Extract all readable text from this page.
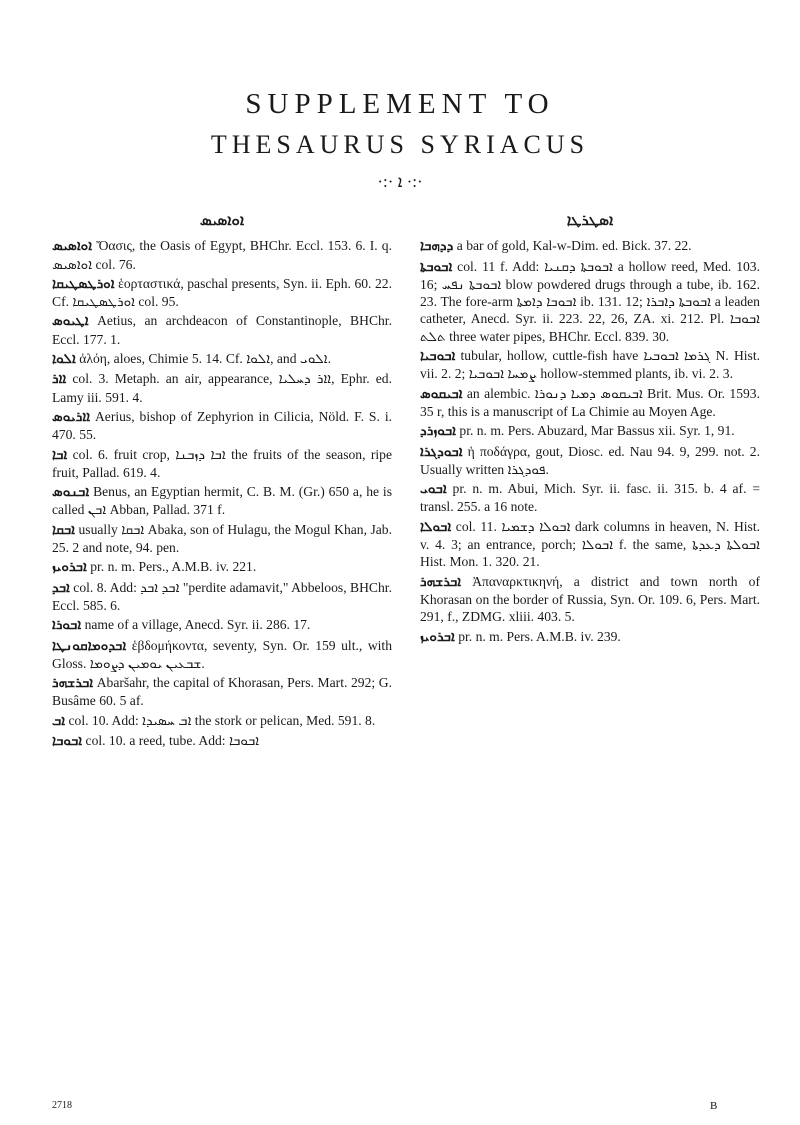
SUPPLEMENT TO
THESAURUS SYRIACUS
·:· ܐ ·:·
ܐܘܐܣܝܣ

ܐܘܐܣܝܣ Ὄασις, the Oasis of Egypt, BHChr. Eccl. 153. 6. I. q. ܐܘܐܣܝܣ col. 76.

ܐܘܪܛܣܛܝܩܐ ἑορταστικά, paschal presents, Syn. ii. Eph. 60. 22. Cf. ܐܘܪܛܣܛܝܩܐ col. 95.

ܐܛܝܘܣ Aetius, an archdeacon of Constantinople, BHChr. Eccl. 177. 1.

ܐܠܘܐ ἀλόη, aloes, Chimie 5. 14. Cf. ܐܠܘܐ, and ܐܠܘܝ.

ܐܐܪ col. 3. Metaph. an air, appearance, ܐܐܪ ܕܚܠܝܐ, Ephr. ed. Lamy iii. 591. 4.

ܐܐܪܝܘܣ Aerius, bishop of Zephyrion in Cilicia, Nöld. F. S. i. 470. 55.

ܐܒܐ col. 6. fruit crop, ܐܒܐ ܕܙܒܢܐ the fruits of the season, ripe fruit, Pallad. 619. 4.

ܐܒܢܘܣ Benus, an Egyptian hermit, C. B. M. (Gr.) 650 a, he is called ܐܒܢ Abban, Pallad. 371 f.

ܐܒܩܐ usually ܐܒܩܐ Abaka, son of Hulagu, the Mogul Khan, Jab. 25. 2 and note, 94. pen.

ܐܒܪܘܝܙ pr. n. m. Pers., A.M.B. iv. 221.

ܐܒܕ col. 8. Add: ܐܒܕ ܐܒܕ "perdite adamavit," Abbeloos, BHChr. Eccl. 585. 6.

ܐܒܘܪܐ name of a village, Anecd. Syr. ii. 286. 17.

ܐܒܕܘܡܐܩܘܢܛܐ ἑβδομήκοντα, seventy, Syn. Or. 159 ult., with Gloss. ܫܒܥܝܢ ܝܘܡܝܢ ܕܨܘܡܐ.

ܐܒܪܫܗܪ Abaršahr, the capital of Khorasan, Pers. Mart. 292; G. Busâme 60. 5 af.

ܐܒ col. 10. Add: ܐܒ ܚܣܝܕܐ the stork or pelican, Med. 591. 8.

ܐܒܘܒܐ col. 10. a reed, tube. Add: ܐܒܘܒܐ

ܐܣܛܪܛܐ

ܕܕܗܒܐ a bar of gold, Kal-w-Dim. ed. Bick. 37. 22.

ܐܒܘܒܬܐ col. 11 f. Add: ܐܒܘܒܬܐ ܕܩܢܝܐ a hollow reed, Med. 103. 16; ܐܒܘܒܬܐ ܢܦܚ blow powdered drugs through a tube, ib. 162. 23. The fore-arm ܐܒܘܒܐ ܕܐܡܬܐ ib. 131. 12; ܐܒܘܒܬܐ ܕܐܒܪܐ a leaden catheter, Anecd. Syr. ii. 223. 22, 26, ZA. xi. 212. Pl. ܐܒܘܒܐ ܬܠܬ three water pipes, BHChr. Eccl. 839. 30.

ܐܒܘܒܝܐ tubular, hollow, cuttle-fish have ܓܪܡܐ ܐܒܘܒܝܐ N. Hist. vii. 2. 2; ܨܡܚܐ ܐܒܘܒܝܐ hollow-stemmed plants, ib. vi. 2. 3.

ܐܒܝܩܘܣ an alembic. ܐܒܝܩܘܣ ܕܡܝܐ ܕܢܘܪܐ Brit. Mus. Or. 1593. 35 r, this is a manuscript of La Chimie au Moyen Age.

ܐܒܘܙܪܕ pr. n. m. Pers. Abuzard, Mar Bassus xii. Syr. 1, 91.

ܐܒܘܕܓܪܐ ἡ ποδάγρα, gout, Diosc. ed. Nau 94. 9, 299. not. 2. Usually written ܦܘܕܓܪܐ.

ܐܒܘܝ pr. n. m. Abui, Mich. Syr. ii. fasc. ii. 315. b. 4 af. = transl. 255. a 16 note.

ܐܒܘܠܐ col. 11. ܐܒܘܠܐ ܕܫܡܝܐ dark columns in heaven, N. Hist. v. 4. 3; an entrance, porch; ܐܒܘܠܐ f. the same, ܐܒܘܠܬܐ ܕܥܕܬܐ Hist. Mon. 1. 320. 21.

ܐܒܪܫܗܪ Ἀπαναρκτικηνή, a district and town north of Khorasan on the border of Russia, Syn. Or. 109. 6, Pers. Mart. 291, f., ZDMG. xliii. 403. 5.

ܐܒܪܘܝܙ pr. n. m. Pers. A.M.B. iv. 239.

2718	B
